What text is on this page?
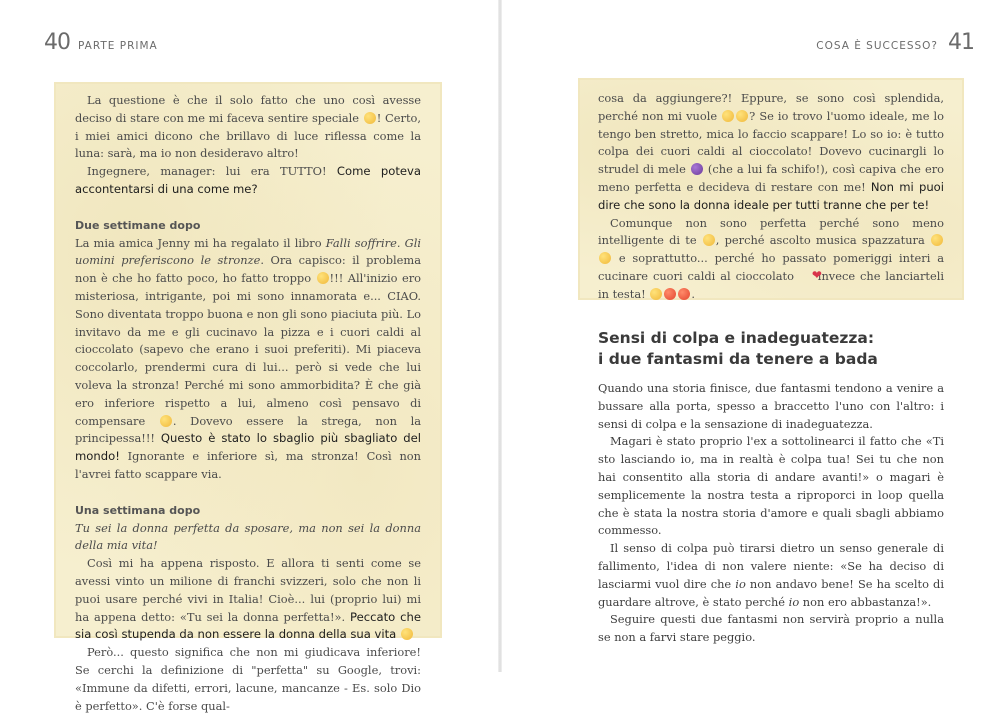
40 PARTE PRIMA	COSA È SUCCESSO? 41

La questione è che il solo fatto che uno così avesse deciso di stare con me mi faceva sentire speciale ! Certo, i miei amici dicono che brillavo di luce riflessa come la luna: sarà, ma io non desideravo altro!

Ingegnere, manager: lui era TUTTO! Come poteva accontentarsi di una come me?

Due settimane dopo

La mia amica Jenny mi ha regalato il libro Falli soffrire. Gli uomini preferiscono le stronze. Ora capisco: il problema non è che ho fatto poco, ho fatto troppo !!! All'inizio ero misteriosa, intrigante, poi mi sono innamorata e... CIAO. Sono diventata troppo buona e non gli sono piaciuta più. Lo invitavo da me e gli cucinavo la pizza e i cuori caldi al cioccolato (sapevo che erano i suoi preferiti). Mi piaceva coccolarlo, prendermi cura di lui... però si vede che lui voleva la stronza! Perché mi sono ammorbidita? È che già ero inferiore rispetto a lui, almeno così pensavo di compensare . Dovevo essere la strega, non la principessa!!! Questo è stato lo sbaglio più sbagliato del mondo! Ignorante e inferiore sì, ma stronza! Così non l'avrei fatto scappare via.

Una settimana dopo

Tu sei la donna perfetta da sposare, ma non sei la donna della mia vita!

Così mi ha appena risposto. E allora ti senti come se avessi vinto un milione di franchi svizzeri, solo che non li puoi usare perché vivi in Italia! Cioè... lui (proprio lui) mi ha appena detto: «Tu sei la donna perfetta!». Peccato che sia così stupenda da non essere la donna della sua vita

Però... questo significa che non mi giudicava inferiore! Se cerchi la definizione di "perfetta" su Google, trovi: «Immune da difetti, errori, lacune, mancanze - Es. solo Dio è perfetto». C'è forse qual-

cosa da aggiungere?! Eppure, se sono così splendida, perché non mi vuole	? Se io trovo l'uomo ideale, me lo tengo ben stretto, mica lo faccio scappare! Lo so io: è tutto colpa dei cuori caldi al cioccolato! Dovevo cucinargli lo strudel di mele  (che a lui fa schifo!), così capiva che ero meno perfetta e decideva di restare con me! Non mi puoi dire che sono la donna ideale per tutti tranne che per te!

Comunque non sono perfetta perché sono meno intelligente di te , perché ascolto musica spazzatura  e soprattutto... perché ho passato pomeriggi interi a cucinare cuori caldi al cioccolato ❤ invece che lanciarteli in testa!	.

Sensi di colpa e inadeguatezza:
i due fantasmi da tenere a bada

Quando una storia finisce, due fantasmi tendono a venire a bussare alla porta, spesso a braccetto l'uno con l'altro: i sensi di colpa e la sensazione di inadeguatezza.

Magari è stato proprio l'ex a sottolinearci il fatto che «Ti sto lasciando io, ma in realtà è colpa tua! Sei tu che non hai consentito alla storia di andare avanti!» o magari è semplicemente la nostra testa a riproporci in loop quella che è stata la nostra storia d'amore e quali sbagli abbiamo commesso.

Il senso di colpa può tirarsi dietro un senso generale di fallimento, l'idea di non valere niente: «Se ha deciso di lasciarmi vuol dire che io non andavo bene! Se ha scelto di guardare altrove, è stato perché io non ero abbastanza!».

Seguire questi due fantasmi non servirà proprio a nulla se non a farvi stare peggio.
